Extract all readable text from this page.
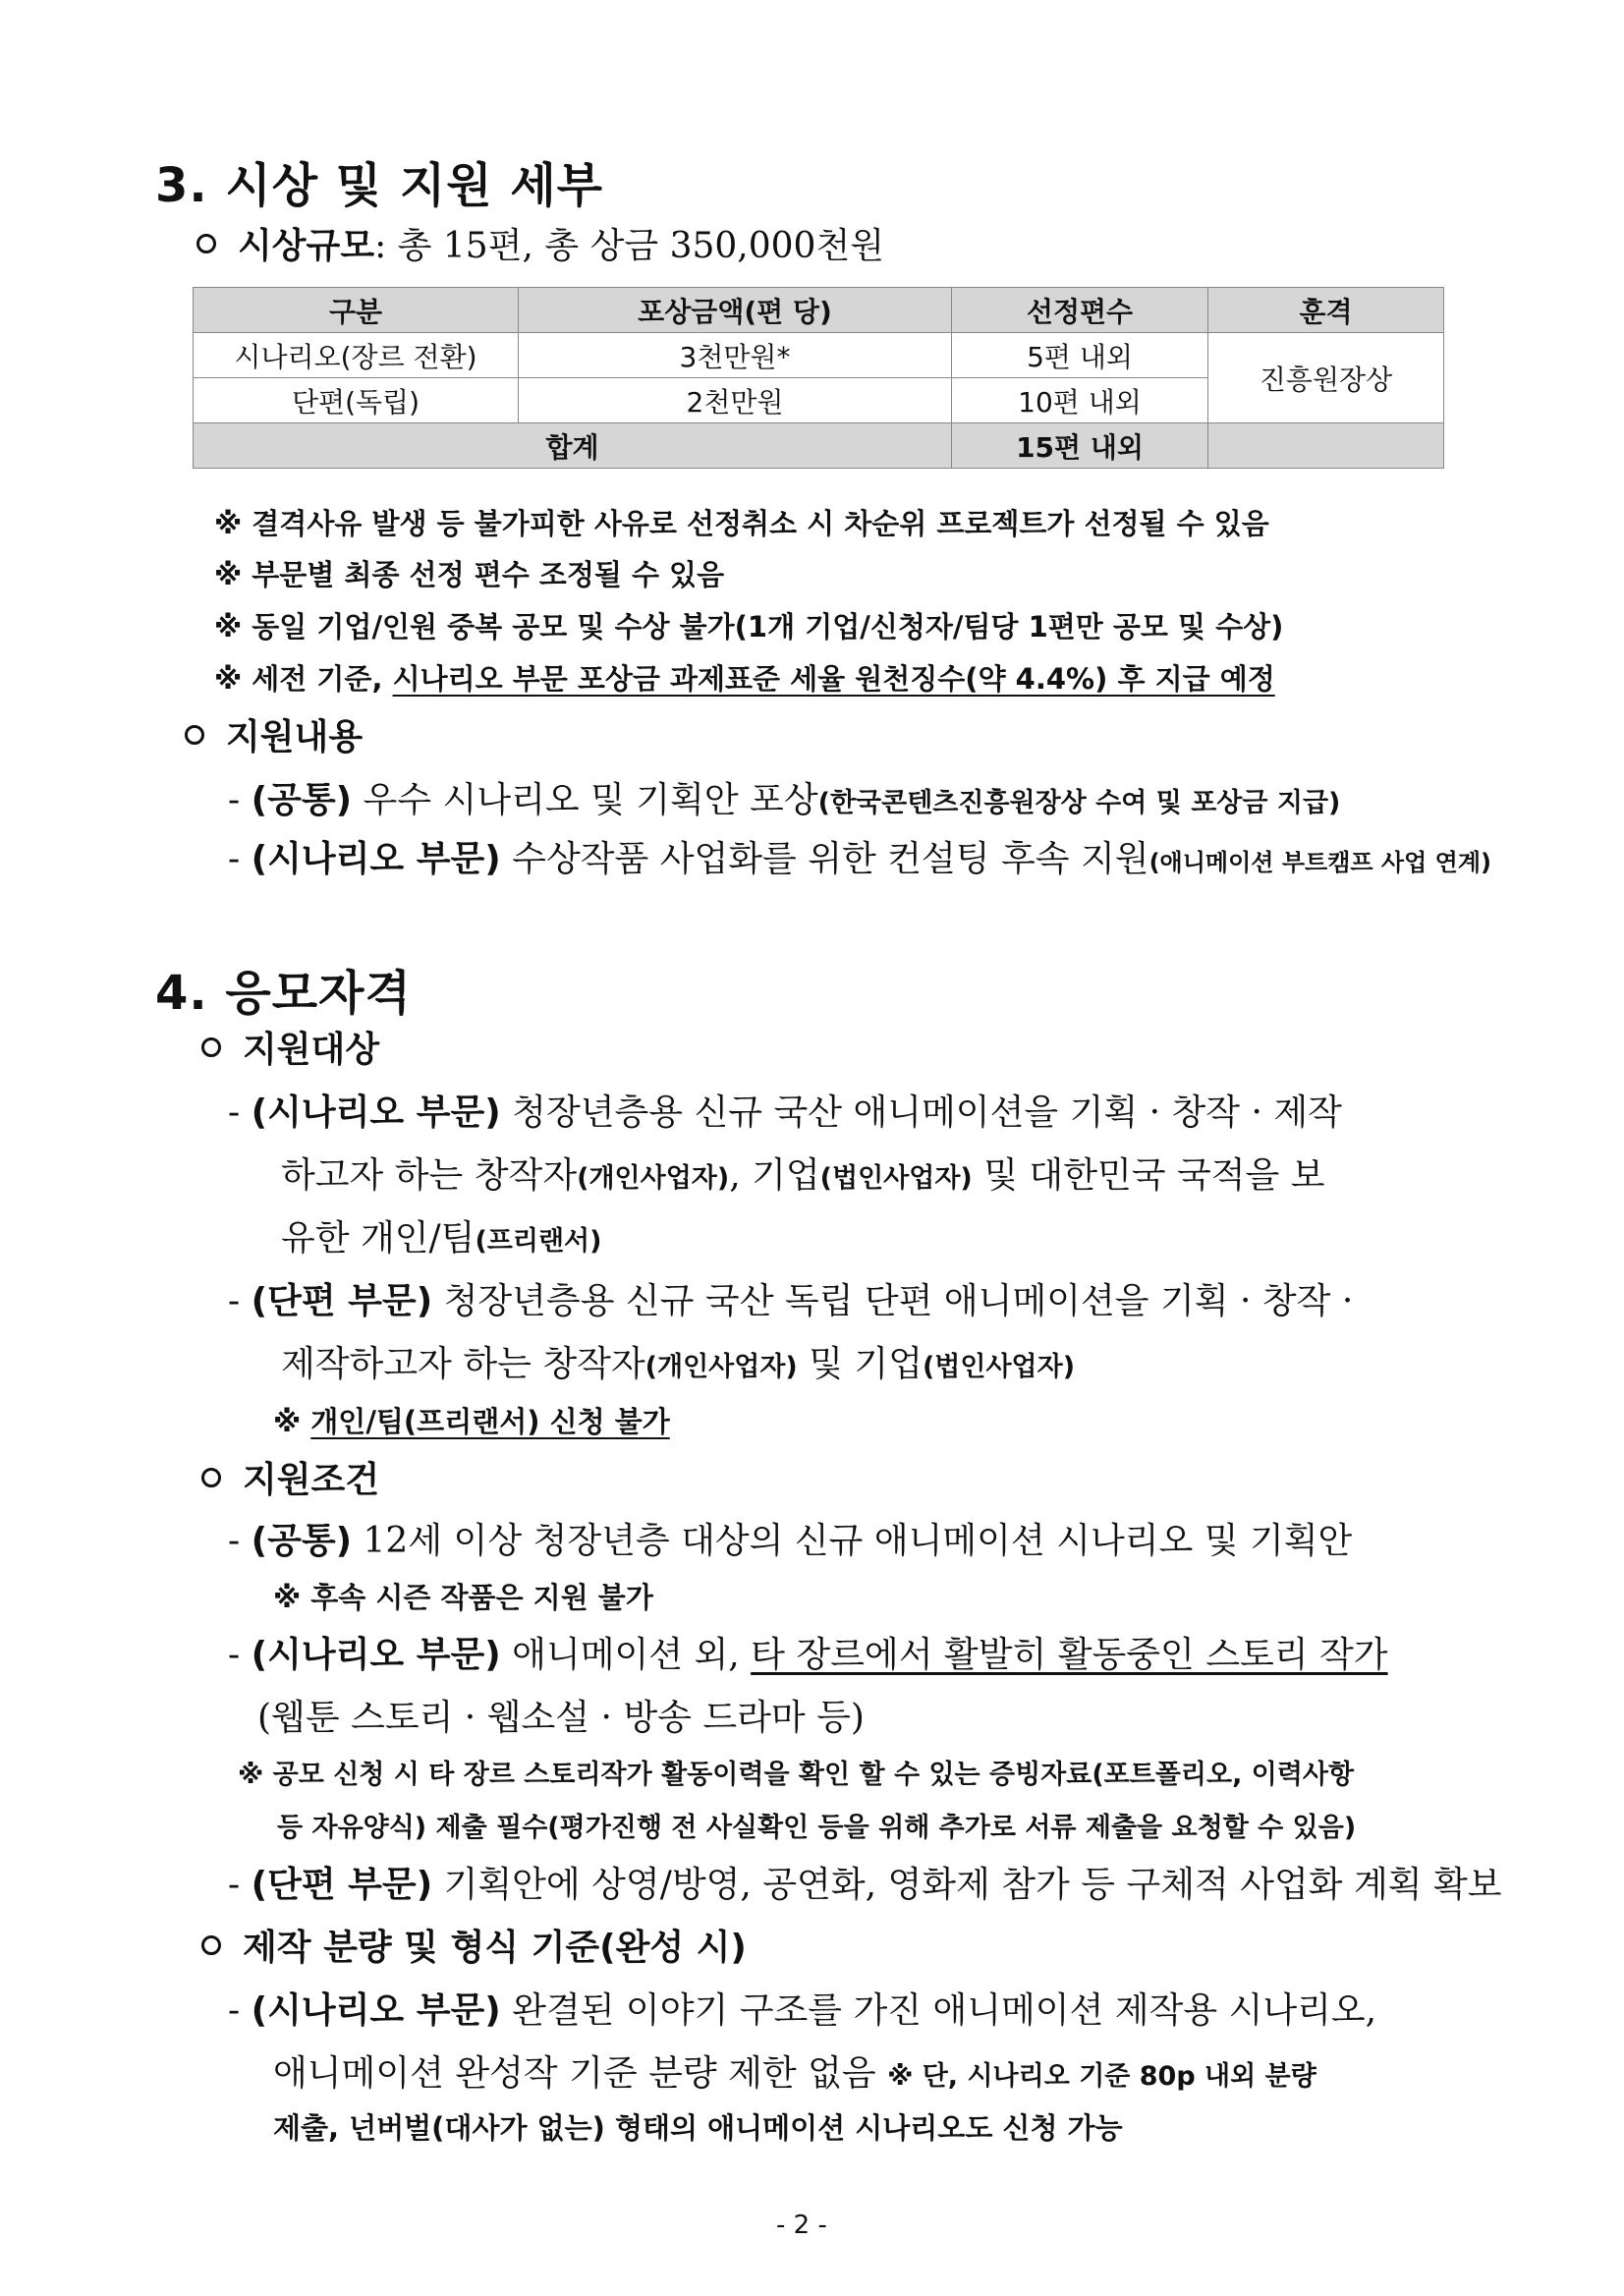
3. 시상 및 지원 세부
시상규모: 총 15편, 총 상금 350,000천원
구분	포상금액(편 당)	선정편수	훈격
시나리오(장르 전환)	3천만원*	5편 내외	진흥원장상
단편(독립)	2천만원	10편 내외	
합계		15편 내외	
※ 결격사유 발생 등 불가피한 사유로 선정취소 시 차순위 프로젝트가 선정될 수 있음
※ 부문별 최종 선정 편수 조정될 수 있음
※ 동일 기업/인원 중복 공모 및 수상 불가(1개 기업/신청자/팀당 1편만 공모 및 수상)
※ 세전 기준, 시나리오 부문 포상금 과제표준 세율 원천징수(약 4.4%) 후 지급 예정
지원내용
- (공통) 우수 시나리오 및 기획안 포상(한국콘텐츠진흥원장상 수여 및 포상금 지급)
- (시나리오 부문) 수상작품 사업화를 위한 컨설팅 후속 지원(애니메이션 부트캠프 사업 연계)
4. 응모자격
지원대상
- (시나리오 부문) 청장년층용 신규 국산 애니메이션을 기획 · 창작 · 제작
하고자 하는 창작자(개인사업자), 기업(법인사업자) 및 대한민국 국적을 보
유한 개인/팀(프리랜서)
- (단편 부문) 청장년층용 신규 국산 독립 단편 애니메이션을 기획 · 창작 ·
제작하고자 하는 창작자(개인사업자) 및 기업(법인사업자)
※ 개인/팀(프리랜서) 신청 불가
지원조건
- (공통) 12세 이상 청장년층 대상의 신규 애니메이션 시나리오 및 기획안
※ 후속 시즌 작품은 지원 불가
- (시나리오 부문) 애니메이션 외, 타 장르에서 활발히 활동중인 스토리 작가
(웹툰 스토리 · 웹소설 · 방송 드라마 등)
※ 공모 신청 시 타 장르 스토리작가 활동이력을 확인 할 수 있는 증빙자료(포트폴리오, 이력사항
등 자유양식) 제출 필수(평가진행 전 사실확인 등을 위해 추가로 서류 제출을 요청할 수 있음)
- (단편 부문) 기획안에 상영/방영, 공연화, 영화제 참가 등 구체적 사업화 계획 확보
제작 분량 및 형식 기준(완성 시)
- (시나리오 부문) 완결된 이야기 구조를 가진 애니메이션 제작용 시나리오,
애니메이션 완성작 기준 분량 제한 없음 ※ 단, 시나리오 기준 80p 내외 분량
제출, 넌버벌(대사가 없는) 형태의 애니메이션 시나리오도 신청 가능
- 2 -
